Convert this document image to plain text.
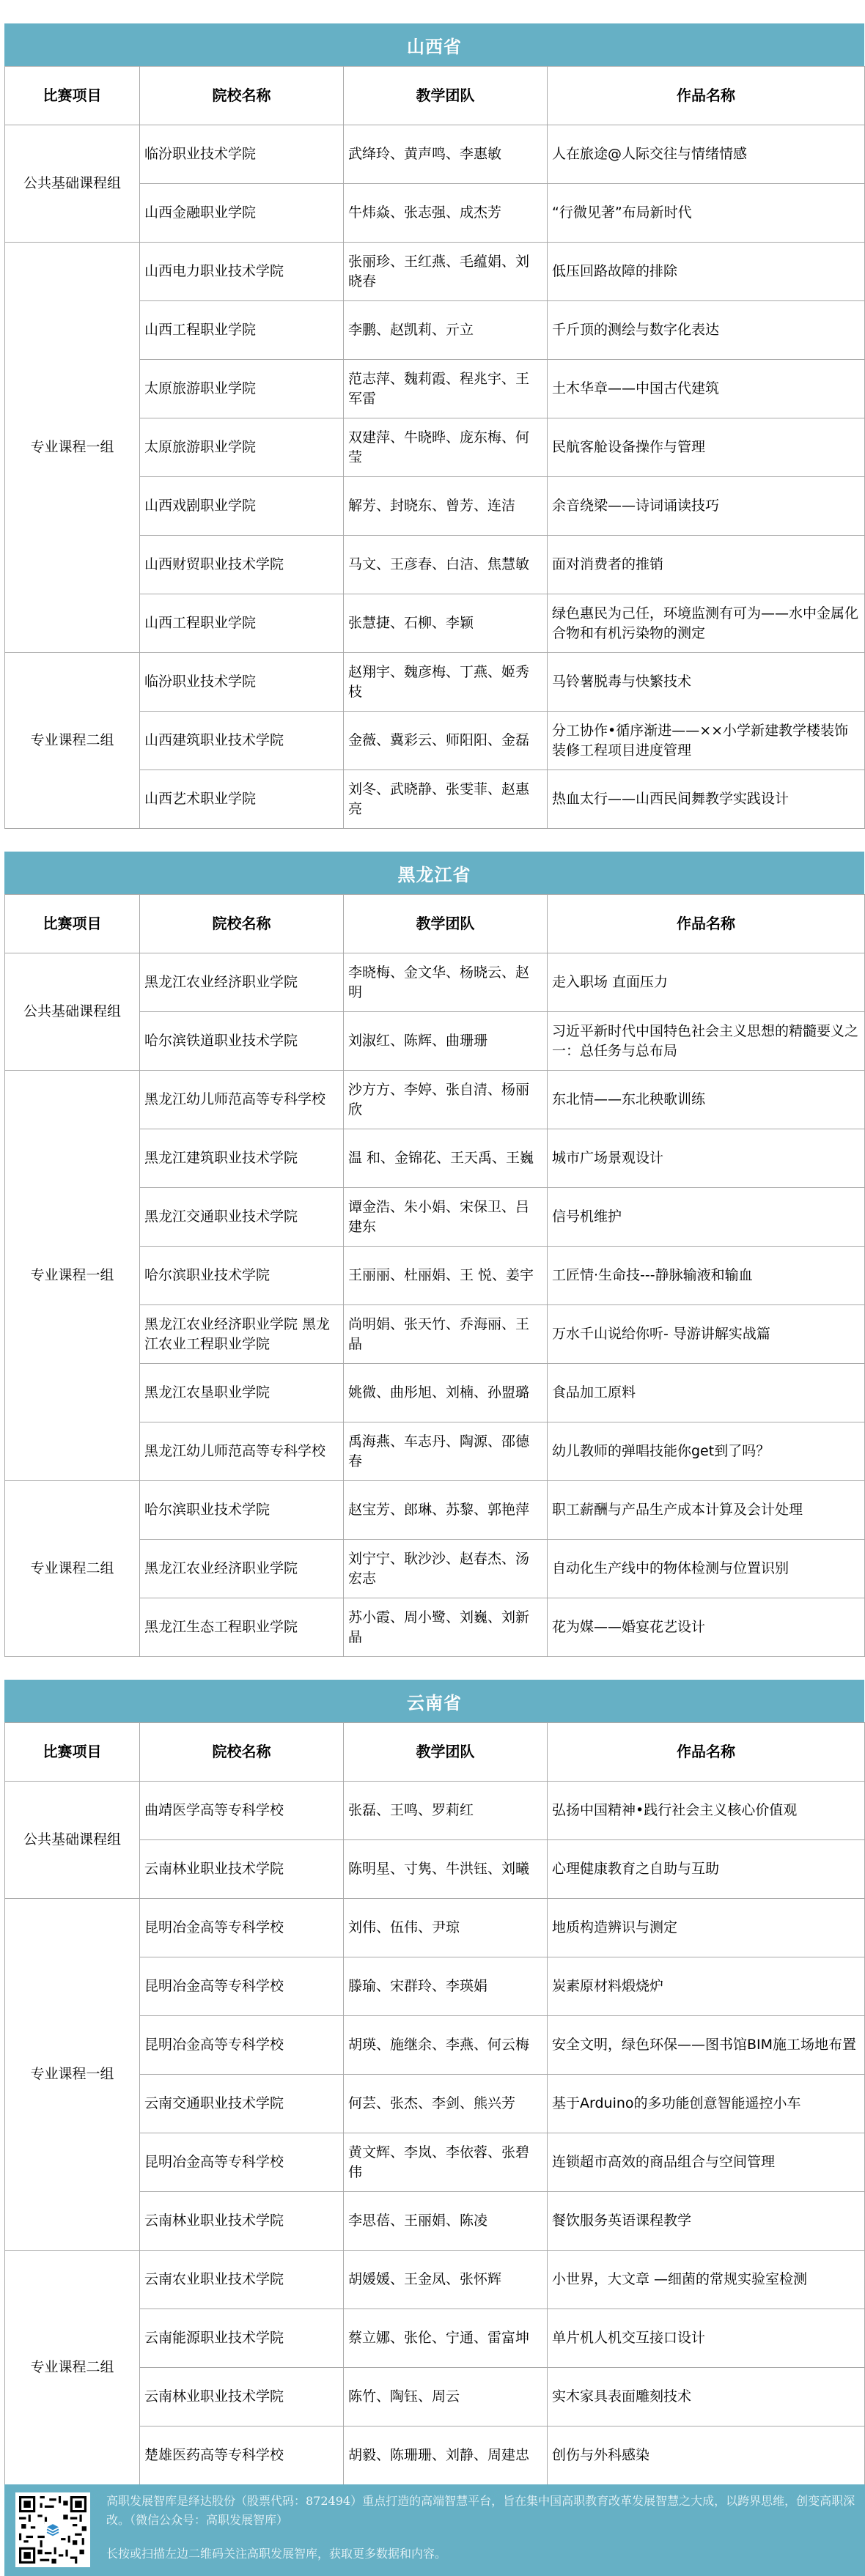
山西省
比赛项目	院校名称	教学团队	作品名称
公共基础课程组	临汾职业技术学院	武绛玲、黄声鸣、李惠敏	人在旅途@人际交往与情绪情感
	山西金融职业学院	牛炜焱、张志强、成杰芳	“行微见著”布局新时代
专业课程一组	山西电力职业技术学院	张丽珍、王红燕、毛蕴娟、刘晓春	低压回路故障的排除
	山西工程职业学院	李鹏、赵凯莉、亓立	千斤顶的测绘与数字化表达
	太原旅游职业学院	范志萍、魏莉霞、程兆宇、王军雷	土木华章——中国古代建筑
	太原旅游职业学院	双建萍、牛晓晔、庞东梅、何莹	民航客舱设备操作与管理
	山西戏剧职业学院	解芳、封晓东、曾芳、连洁	余音绕梁——诗词诵读技巧
	山西财贸职业技术学院	马文、王彦春、白洁、焦慧敏	面对消费者的推销
	山西工程职业学院	张慧捷、石柳、李颖	绿色惠民为己任，环境监测有可为——水中金属化合物和有机污染物的测定
专业课程二组	临汾职业技术学院	赵翔宇、魏彦梅、丁燕、姬秀枝	马铃薯脱毒与快繁技术
	山西建筑职业技术学院	金薇、冀彩云、师阳阳、金磊	分工协作•循序渐进——××小学新建教学楼装饰装修工程项目进度管理
	山西艺术职业学院	刘冬、武晓静、张雯菲、赵惠亮	热血太行——山西民间舞教学实践设计
黑龙江省
比赛项目	院校名称	教学团队	作品名称
公共基础课程组	黑龙江农业经济职业学院	李晓梅、金文华、杨晓云、赵明	走入职场 直面压力
	哈尔滨铁道职业技术学院	刘淑红、陈辉、曲珊珊	习近平新时代中国特色社会主义思想的精髓要义之一：总任务与总布局
专业课程一组	黑龙江幼儿师范高等专科学校	沙方方、李婷、张自清、杨丽欣	东北情——东北秧歌训练
	黑龙江建筑职业技术学院	温 和、金锦花、王天禹、王巍	城市广场景观设计
	黑龙江交通职业技术学院	谭金浩、朱小娟、宋保卫、吕建东	信号机维护
	哈尔滨职业技术学院	王丽丽、杜丽娟、王 悦、姜宇	工匠情·生命技---静脉输液和输血
	黑龙江农业经济职业学院 黑龙江农业工程职业学院	尚明娟、张天竹、乔海丽、王晶	万水千山说给你听- 导游讲解实战篇
	黑龙江农垦职业学院	姚微、曲彤旭、刘楠、孙盟璐	食品加工原料
	黑龙江幼儿师范高等专科学校	禹海燕、车志丹、陶源、邵德春	幼儿教师的弹唱技能你get到了吗？
专业课程二组	哈尔滨职业技术学院	赵宝芳、郎琳、苏黎、郭艳萍	职工薪酬与产品生产成本计算及会计处理
	黑龙江农业经济职业学院	刘宁宁、耿沙沙、赵春杰、汤宏志	自动化生产线中的物体检测与位置识别
	黑龙江生态工程职业学院	苏小霞、周小鹭、刘巍、刘新晶	花为媒——婚宴花艺设计
云南省
比赛项目	院校名称	教学团队	作品名称
公共基础课程组	曲靖医学高等专科学校	张磊、王鸣、罗莉红	弘扬中国精神•践行社会主义核心价值观
	云南林业职业技术学院	陈明星、寸隽、牛洪钰、刘曦	心理健康教育之自助与互助
专业课程一组	昆明冶金高等专科学校	刘伟、伍伟、尹琼	地质构造辨识与测定
	昆明冶金高等专科学校	滕瑜、宋群玲、李瑛娟	炭素原材料煅烧炉
	昆明冶金高等专科学校	胡瑛、施继余、李燕、何云梅	安全文明，绿色环保——图书馆BIM施工场地布置
	云南交通职业技术学院	何芸、张杰、李剑、熊兴芳	基于Arduino的多功能创意智能遥控小车
	昆明冶金高等专科学校	黄文辉、李岚、李依蓉、张碧伟	连锁超市高效的商品组合与空间管理
	云南林业职业技术学院	李思蓓、王丽娟、陈凌	餐饮服务英语课程教学
专业课程二组	云南农业职业技术学院	胡媛媛、王金凤、张怀辉	小世界，大文章 —细菌的常规实验室检测
	云南能源职业技术学院	蔡立娜、张伦、宁通、雷富坤	单片机人机交互接口设计
	云南林业职业技术学院	陈竹、陶钰、周云	实木家具表面雕刻技术
	楚雄医药高等专科学校	胡毅、陈珊珊、刘静、周建忠	创伤与外科感染

高职发展智库是绎达股份（股票代码：872494）重点打造的高端智慧平台，旨在集中国高职教育改革发展智慧之大成，以跨界思维，创变高职深改。（微信公众号：高职发展智库）

长按或扫描左边二维码关注高职发展智库，获取更多数据和内容。
